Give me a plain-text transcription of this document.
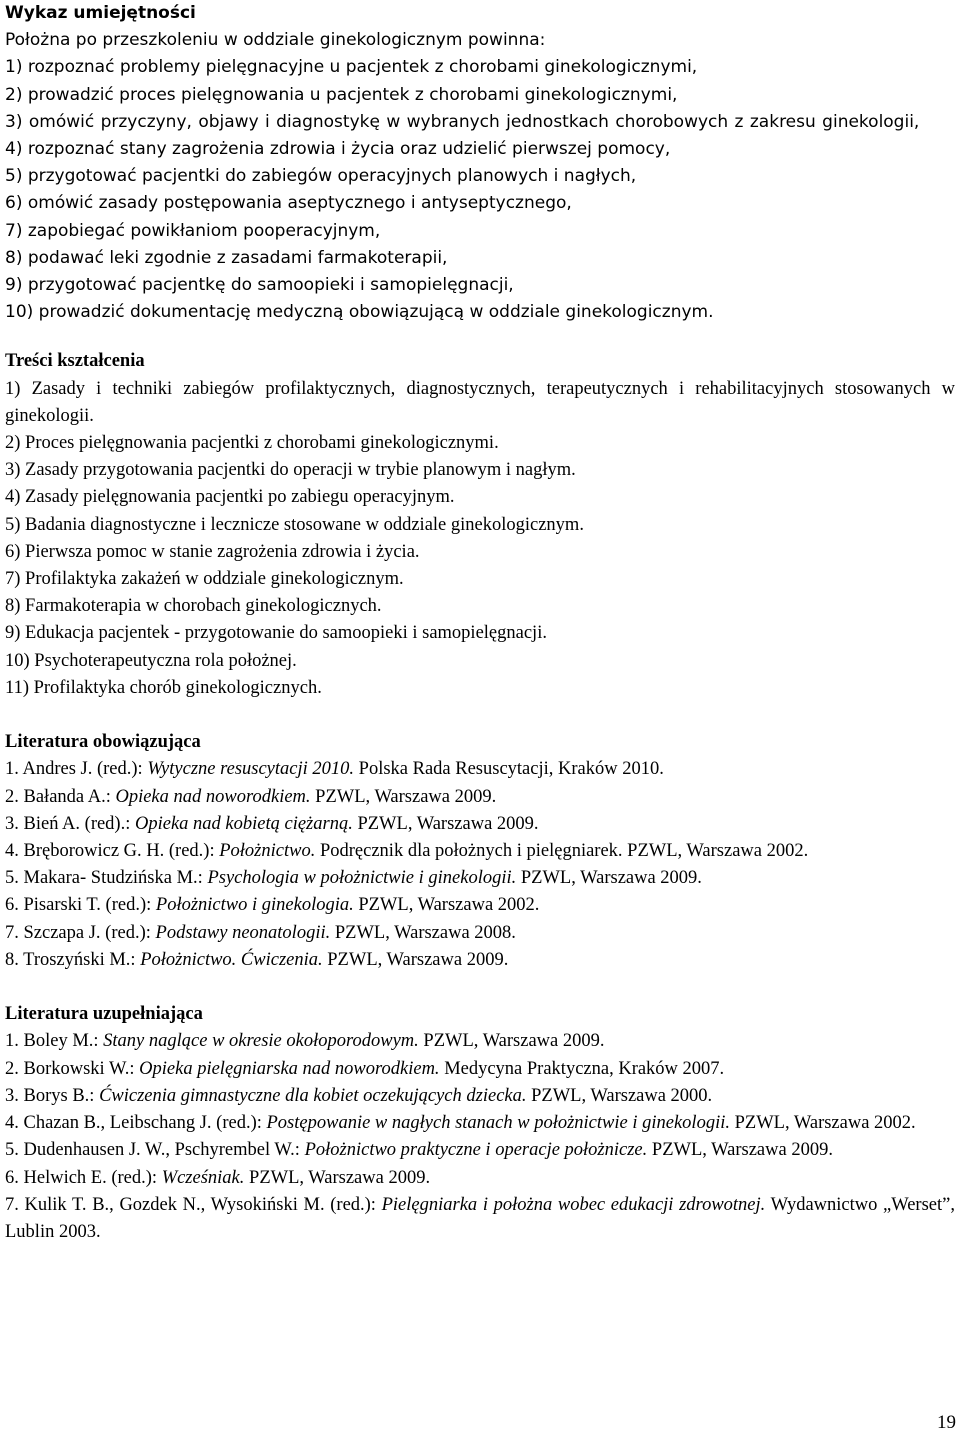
Wykaz umiejętności
Położna po przeszkoleniu w oddziale ginekologicznym powinna:
1) rozpoznać problemy pielęgnacyjne u pacjentek z chorobami ginekologicznymi,
2) prowadzić proces pielęgnowania u pacjentek z chorobami ginekologicznymi,
3) omówić przyczyny, objawy i diagnostykę w wybranych jednostkach chorobowych z zakresu ginekologii,
4) rozpoznać stany zagrożenia zdrowia i życia oraz udzielić pierwszej pomocy,
5) przygotować pacjentki do zabiegów operacyjnych planowych i nagłych,
6) omówić zasady postępowania aseptycznego i antyseptycznego,
7) zapobiegać powikłaniom pooperacyjnym,
8) podawać leki zgodnie z zasadami farmakoterapii,
9) przygotować pacjentkę do samoopieki i samopielęgnacji,
10) prowadzić dokumentację medyczną obowiązującą w oddziale ginekologicznym.
Treści kształcenia
1) Zasady i techniki zabiegów profilaktycznych, diagnostycznych, terapeutycznych i rehabilitacyjnych stosowanych w ginekologii.
2) Proces pielęgnowania pacjentki z chorobami ginekologicznymi.
3) Zasady przygotowania pacjentki do operacji w trybie planowym i nagłym.
4) Zasady pielęgnowania pacjentki po zabiegu operacyjnym.
5) Badania diagnostyczne i lecznicze stosowane w oddziale ginekologicznym.
6) Pierwsza pomoc w stanie zagrożenia zdrowia i życia.
7) Profilaktyka zakażeń w oddziale ginekologicznym.
8) Farmakoterapia w chorobach ginekologicznych.
9) Edukacja pacjentek - przygotowanie do samoopieki i samopielęgnacji.
10) Psychoterapeutyczna rola położnej.
11) Profilaktyka chorób ginekologicznych.
Literatura obowiązująca
1. Andres J. (red.): Wytyczne resuscytacji 2010. Polska Rada Resuscytacji, Kraków 2010.
2. Bałanda A.: Opieka nad noworodkiem. PZWL, Warszawa 2009.
3. Bień A. (red).: Opieka nad kobietą ciężarną. PZWL, Warszawa 2009.
4. Bręborowicz G. H. (red.): Położnictwo. Podręcznik dla położnych i pielęgniarek. PZWL, Warszawa 2002.
5. Makara- Studzińska M.: Psychologia w położnictwie i ginekologii. PZWL, Warszawa 2009.
6. Pisarski T. (red.): Położnictwo i ginekologia. PZWL, Warszawa 2002.
7. Szczapa J. (red.): Podstawy neonatologii. PZWL, Warszawa 2008.
8. Troszyński M.: Położnictwo. Ćwiczenia. PZWL, Warszawa 2009.
Literatura uzupełniająca
1. Boley M.: Stany naglące w okresie okołoporodowym. PZWL, Warszawa 2009.
2. Borkowski W.: Opieka pielęgniarska nad noworodkiem. Medycyna Praktyczna, Kraków 2007.
3. Borys B.: Ćwiczenia gimnastyczne dla kobiet oczekujących dziecka. PZWL, Warszawa 2000.
4. Chazan B., Leibschang J. (red.): Postępowanie w nagłych stanach w położnictwie i ginekologii. PZWL, Warszawa 2002.
5. Dudenhausen J. W., Pschyrembel W.: Położnictwo praktyczne i operacje położnicze. PZWL, Warszawa 2009.
6. Helwich E. (red.): Wcześniak. PZWL, Warszawa 2009.
7. Kulik T. B., Gozdek N., Wysokiński M. (red.): Pielęgniarka i położna wobec edukacji zdrowotnej. Wydawnictwo „Werset”, Lublin 2003.
19
